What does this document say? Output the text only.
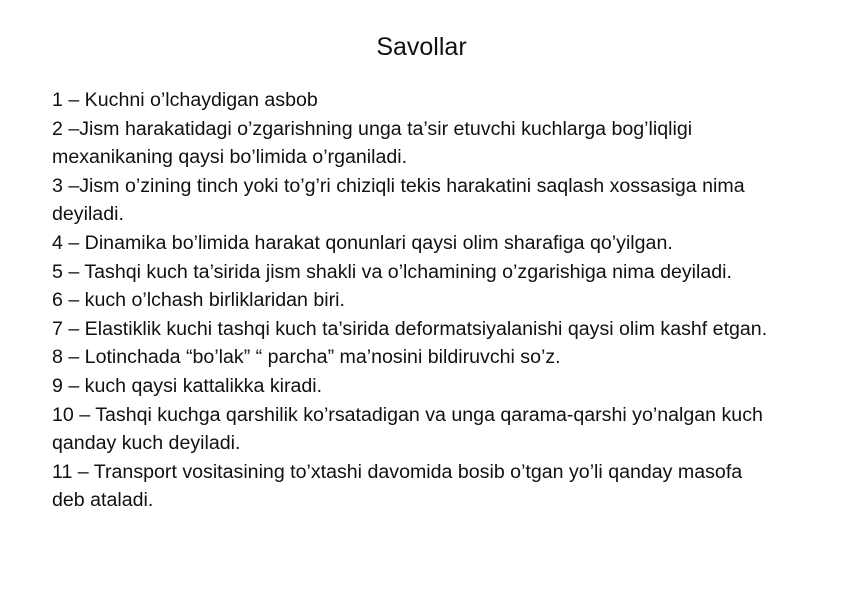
Savollar
1 – Kuchni o’lchaydigan asbob
2 –Jism harakatidagi o’zgarishning unga ta’sir etuvchi kuchlarga bog’liqligi mexanikaning qaysi bo’limida o’rganiladi.
3 –Jism o’zining tinch yoki to’g’ri chiziqli tekis harakatini saqlash xossasiga nima deyiladi.
4 – Dinamika bo’limida harakat qonunlari qaysi olim sharafiga qo’yilgan.
5 – Tashqi kuch ta’sirida jism shakli va o’lchamining o’zgarishiga nima deyiladi.
6 – kuch o’lchash birliklaridan biri.
7 – Elastiklik kuchi tashqi kuch ta’sirida deformatsiyalanishi qaysi olim kashf etgan.
8 – Lotinchada “bo’lak” “ parcha” ma’nosini bildiruvchi so’z.
9 – kuch qaysi kattalikka kiradi.
10 – Tashqi kuchga qarshilik ko’rsatadigan va unga qarama-qarshi yo’nalgan kuch qanday kuch deyiladi.
11 – Transport vositasining to’xtashi davomida bosib o’tgan yo’li qanday masofa deb ataladi.
